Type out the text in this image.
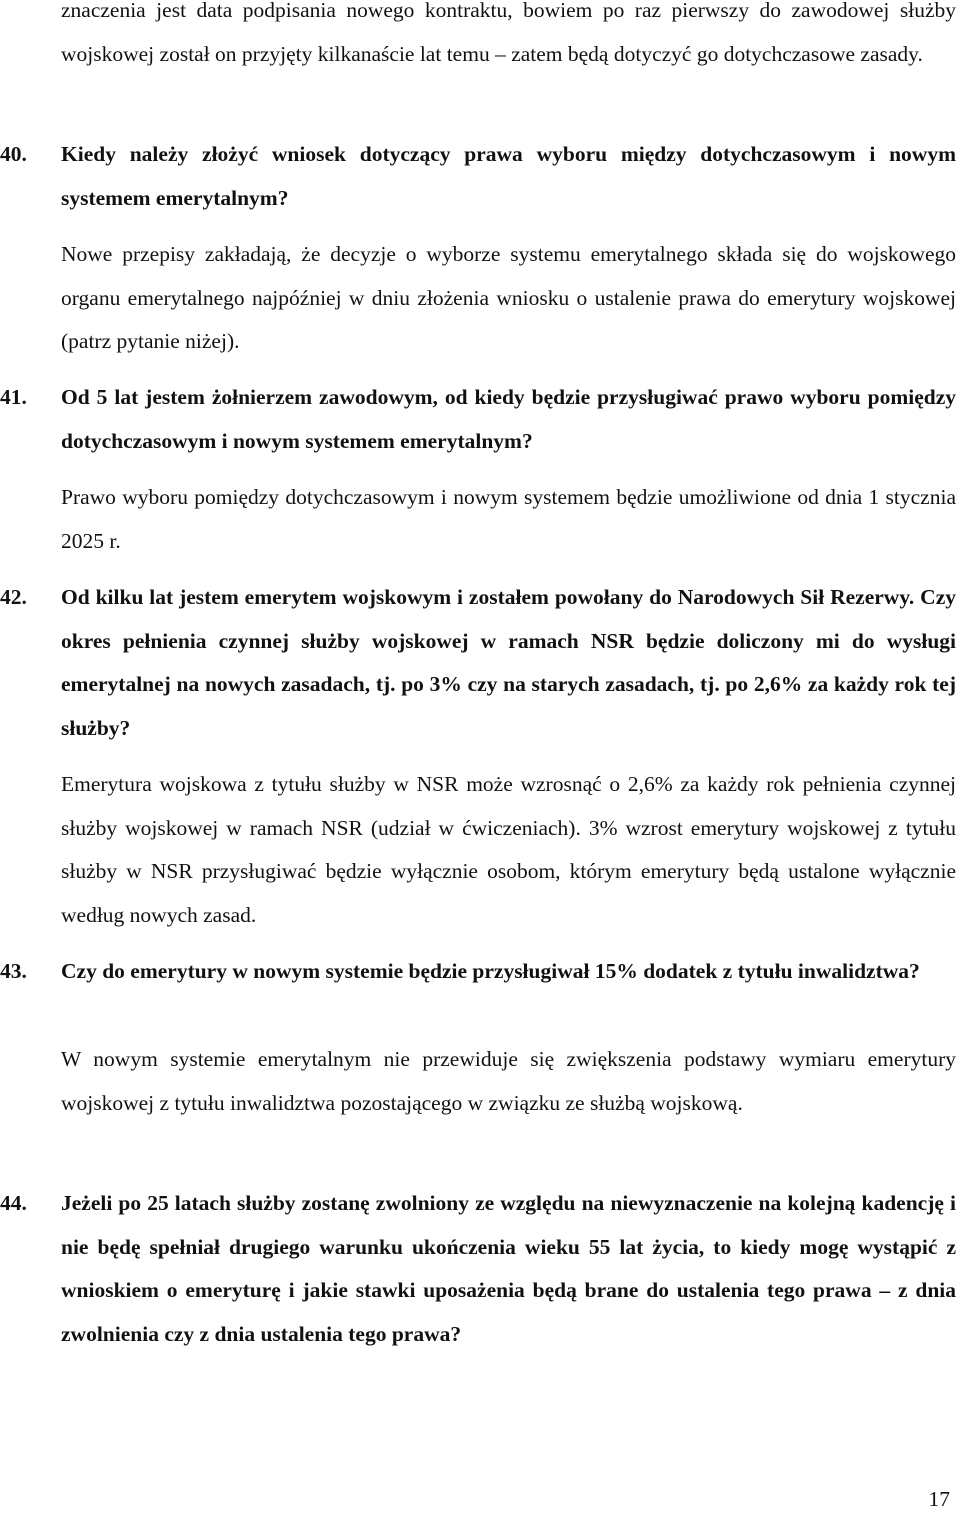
znaczenia jest data podpisania nowego kontraktu, bowiem po raz pierwszy do zawodowej służby wojskowej został on przyjęty kilkanaście lat temu – zatem będą dotyczyć go dotychczasowe zasady.

40.	Kiedy należy złożyć wniosek dotyczący prawa wyboru między dotychczasowym i nowym systemem emerytalnym?

Nowe przepisy zakładają, że decyzje o wyborze systemu emerytalnego składa się do wojskowego organu emerytalnego najpóźniej w dniu złożenia wniosku o ustalenie prawa do emerytury wojskowej (patrz pytanie niżej).

41.	Od 5 lat jestem żołnierzem zawodowym, od kiedy będzie przysługiwać prawo wyboru pomiędzy dotychczasowym i nowym systemem emerytalnym?

Prawo wyboru pomiędzy dotychczasowym i nowym systemem będzie umożliwione od dnia 1 stycznia 2025 r.

42.	Od kilku lat jestem emerytem wojskowym i zostałem powołany do Narodowych Sił Rezerwy. Czy okres pełnienia czynnej służby wojskowej w ramach NSR będzie doliczony mi do wysługi emerytalnej na nowych zasadach, tj. po 3% czy na starych zasadach, tj. po 2,6% za każdy rok tej służby?

Emerytura wojskowa z tytułu służby w NSR może wzrosnąć o 2,6% za każdy rok pełnienia czynnej służby wojskowej w ramach NSR (udział w ćwiczeniach). 3% wzrost emerytury wojskowej z tytułu służby w NSR przysługiwać będzie wyłącznie osobom, którym emerytury będą ustalone wyłącznie według nowych zasad.

43.	Czy do emerytury w nowym systemie będzie przysługiwał 15% dodatek z tytułu inwalidztwa?

W nowym systemie emerytalnym nie przewiduje się zwiększenia podstawy wymiaru emerytury wojskowej z tytułu inwalidztwa pozostającego w związku ze służbą wojskową.

44.	Jeżeli po 25 latach służby zostanę zwolniony ze względu na niewyznaczenie na kolejną kadencję i nie będę spełniał drugiego warunku ukończenia wieku 55 lat życia, to kiedy mogę wystąpić z wnioskiem o emeryturę i jakie stawki uposażenia będą brane do ustalenia tego prawa – z dnia zwolnienia czy z dnia ustalenia tego prawa?

17
